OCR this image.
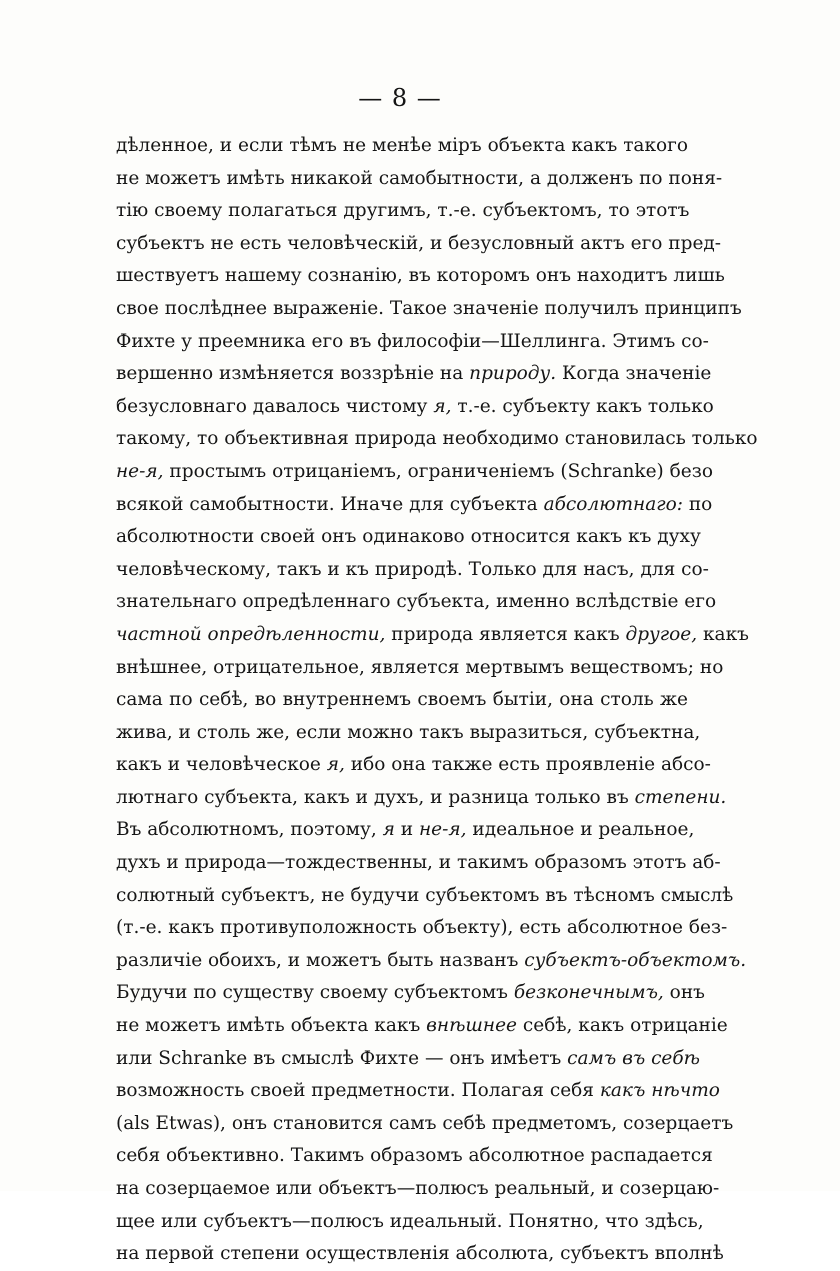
— 8 —
дѣленное, и если тѣмъ не менѣе міръ объекта какъ такого
не можетъ имѣть никакой самобытности, а долженъ по поня-
тію своему полагаться другимъ, т.-е. субъектомъ, то этотъ
субъектъ не есть человѣческій, и безусловный актъ его пред-
шествуетъ нашему сознанію, въ которомъ онъ находитъ лишь
свое послѣднее выраженіе. Такое значеніе получилъ принципъ
Фихте у преемника его въ философіи—Шеллинга. Этимъ со-
вершенно измѣняется воззрѣніе на природу. Когда значеніе
безусловнаго давалось чистому я, т.-е. субъекту какъ только
такому, то объективная природа необходимо становилась только
не-я, простымъ отрицаніемъ, ограниченіемъ (Schranke) безо
всякой самобытности. Иначе для субъекта абсолютнаго: по
абсолютности своей онъ одинаково относится какъ къ духу
человѣческому, такъ и къ природѣ. Только для насъ, для со-
знательнаго опредѣленнаго субъекта, именно вслѣдствіе его
частной опредѣленности, природа является какъ другое, какъ
внѣшнее, отрицательное, является мертвымъ веществомъ; но
сама по себѣ, во внутреннемъ своемъ бытіи, она столь же
жива, и столь же, если можно такъ выразиться, субъектна,
какъ и человѣческое я, ибо она также есть проявленіе абсо-
лютнаго субъекта, какъ и духъ, и разница только въ степени.
Въ абсолютномъ, поэтому, я и не-я, идеальное и реальное,
духъ и природа—тождественны, и такимъ образомъ этотъ аб-
солютный субъектъ, не будучи субъектомъ въ тѣсномъ смыслѣ
(т.-е. какъ противуположность объекту), есть абсолютное без-
различіе обоихъ, и можетъ быть названъ субъектъ-объектомъ.
Будучи по существу своему субъектомъ безконечнымъ, онъ
не можетъ имѣть объекта какъ внѣшнее себѣ, какъ отрицаніе
или Schranke въ смыслѣ Фихте — онъ имѣетъ самъ въ себѣ
возможность своей предметности. Полагая себя какъ нѣчто
(als Etwas), онъ становится самъ себѣ предметомъ, созерцаетъ
себя объективно. Такимъ образомъ абсолютное распадается
на созерцаемое или объектъ—полюсъ реальный, и созерцаю-
щее или субъектъ—полюсъ идеальный. Понятно, что здѣсь,
на первой степени осуществленія абсолюта, субъектъ вполнѣ
